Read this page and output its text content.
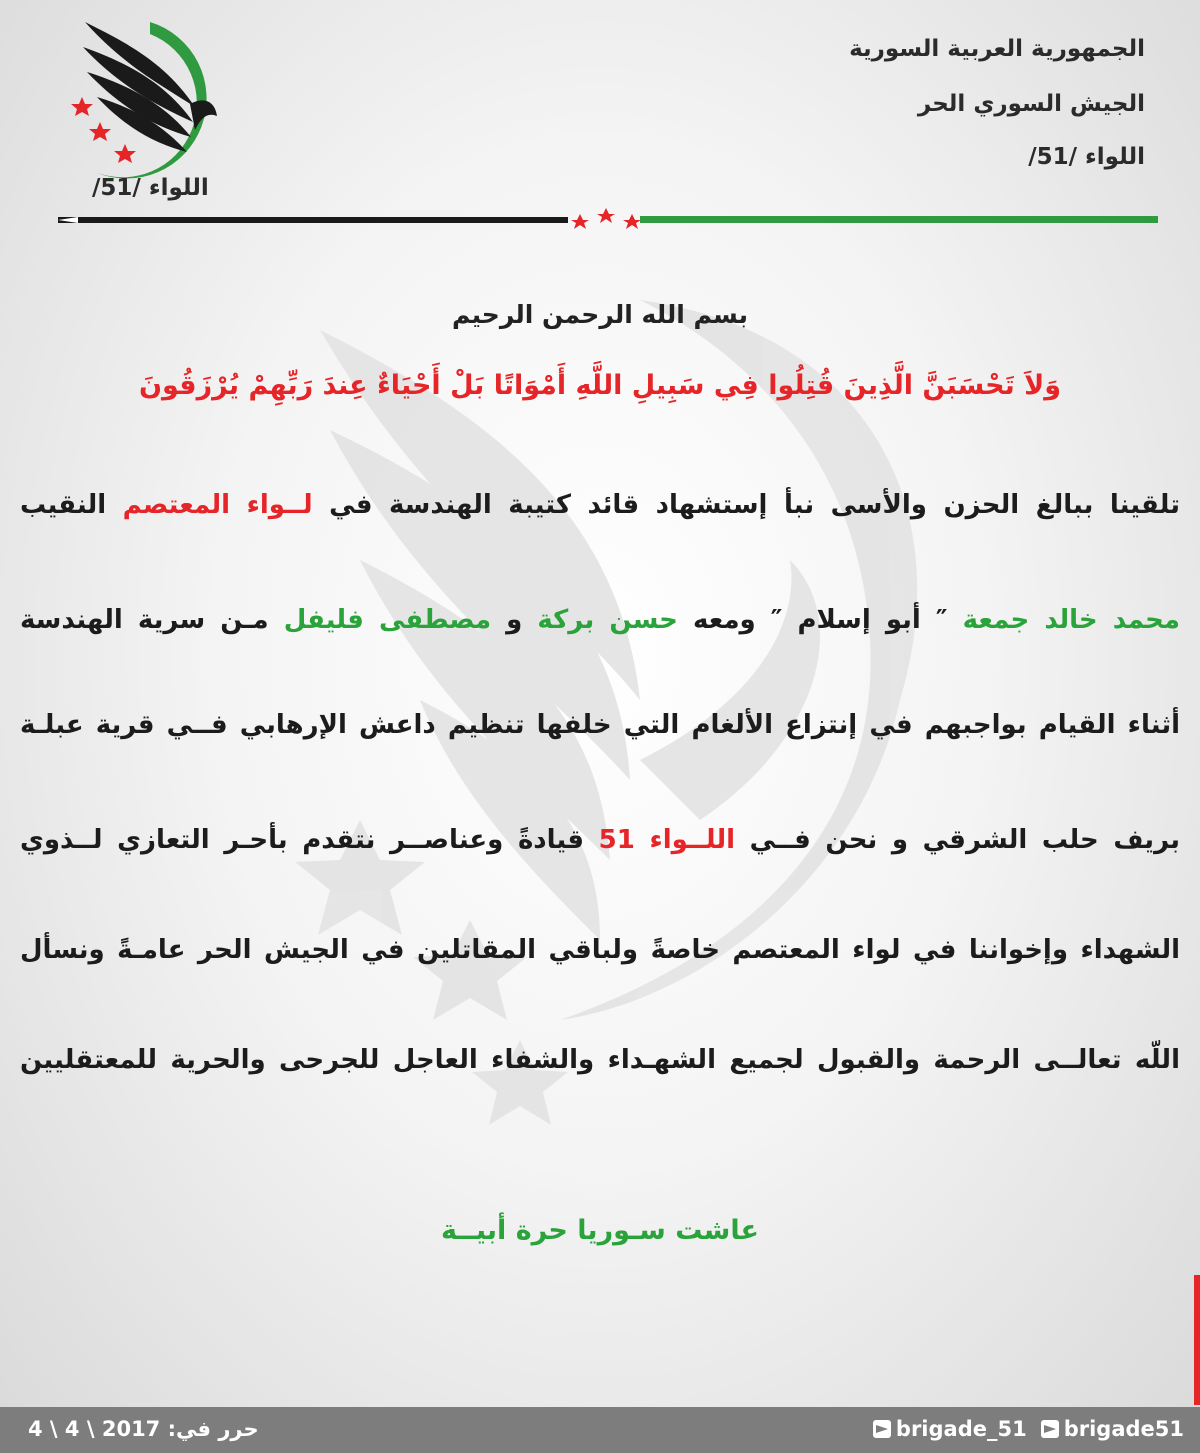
الجمهورية العربية السورية
الجيش السوري الحر
اللواء /51/
اللواء /51/
بسم الله الرحمن الرحيم
وَلاَ تَحْسَبَنَّ الَّذِينَ قُتِلُوا فِي سَبِيلِ اللَّهِ أَمْوَاتًا بَلْ أَحْيَاءٌ عِندَ رَبِّهِمْ يُرْزَقُونَ
تلقينا ببالغ الحزن والأسى نبأ إستشهاد قائد كتيبة الهندسة في لــواء المعتصم النقيب
محمد خالد جمعة ″ أبو إسلام ″ ومعه حسن بركة و مصطفى فليفل مـن سرية الهندسة
أثناء القيام بواجبهم في إنتزاع الألغام التي خلفها تنظيم داعش الإرهابي فــي قرية عبلـة
بريف حلب الشرقي و نحن فــي اللــواء 51 قيادةً وعناصــر نتقدم بأحـر التعازي لــذوي
الشهداء وإخواننا في لواء المعتصم خاصةً ولباقي المقاتلين في الجيش الحر عامـةً ونسأل
اللّه تعالــى الرحمة والقبول لجميع الشهـداء والشفاء العاجل للجرحى والحرية للمعتقليين
عاشت سـوريا حرة أبيــة
حرر في: 2017 \ 4 \ 4	brigade_51 brigade51
